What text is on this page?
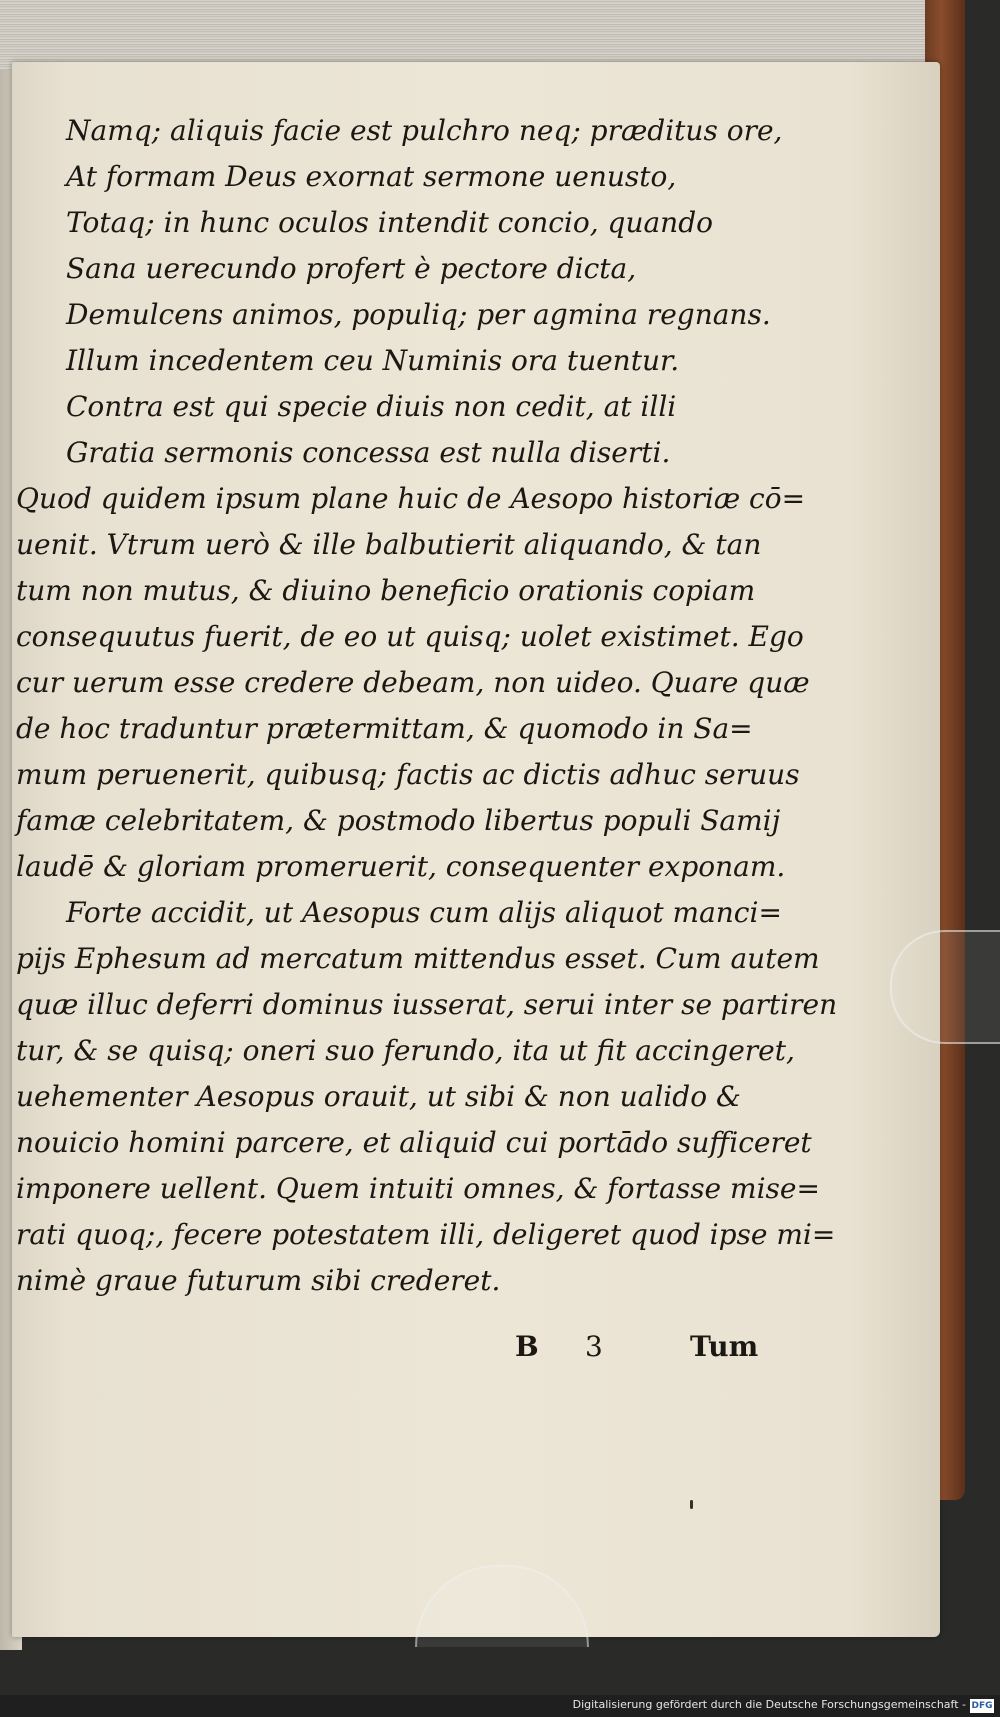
Namq; aliquis facie est pulchro neq; prӕditus ore,
At formam Deus exornat sermone uenusto,
Totaq; in hunc oculos intendit concio, quando
Sana uerecundo profert è pectore dicta,
Demulcens animos, populiq; per agmina regnans.
Illum incedentem ceu Numinis ora tuentur.
Contra est qui specie diuis non cedit, at illi
Gratia sermonis concessa est nulla diserti.
Quod quidem ipsum plane huic de Aesopo historiæ cō=
uenit. Vtrum uerò & ille balbutierit aliquando, & tan
tum non mutus, & diuino beneficio orationis copiam
consequutus fuerit, de eo ut quisq; uolet existimet. Ego
cur uerum esse credere debeam, non uideo. Quare quæ
de hoc traduntur prætermittam, & quomodo in Sa=
mum peruenerit, quibusq; factis ac dictis adhuc seruus
famæ celebritatem, & postmodo libertus populi Samij
laudē & gloriam promeruerit, consequenter exponam.
Forte accidit, ut Aesopus cum alijs aliquot manci=
pijs Ephesum ad mercatum mittendus esset. Cum autem
quæ illuc deferri dominus iusserat, serui inter se partiren
tur, & se quisq; oneri suo ferundo, ita ut fit accingeret,
uehementer Aesopus orauit, ut sibi & non ualido &
nouicio homini parcere, et aliquid cui portādo sufficeret
imponere uellent. Quem intuiti omnes, & fortasse mise=
rati quoq;, fecere potestatem illi, deligeret quod ipse mi=
nimè graue futurum sibi crederet.
B 3	Tum
Digitalisierung gefördert durch die Deutsche Forschungsgemeinschaft - DFG
